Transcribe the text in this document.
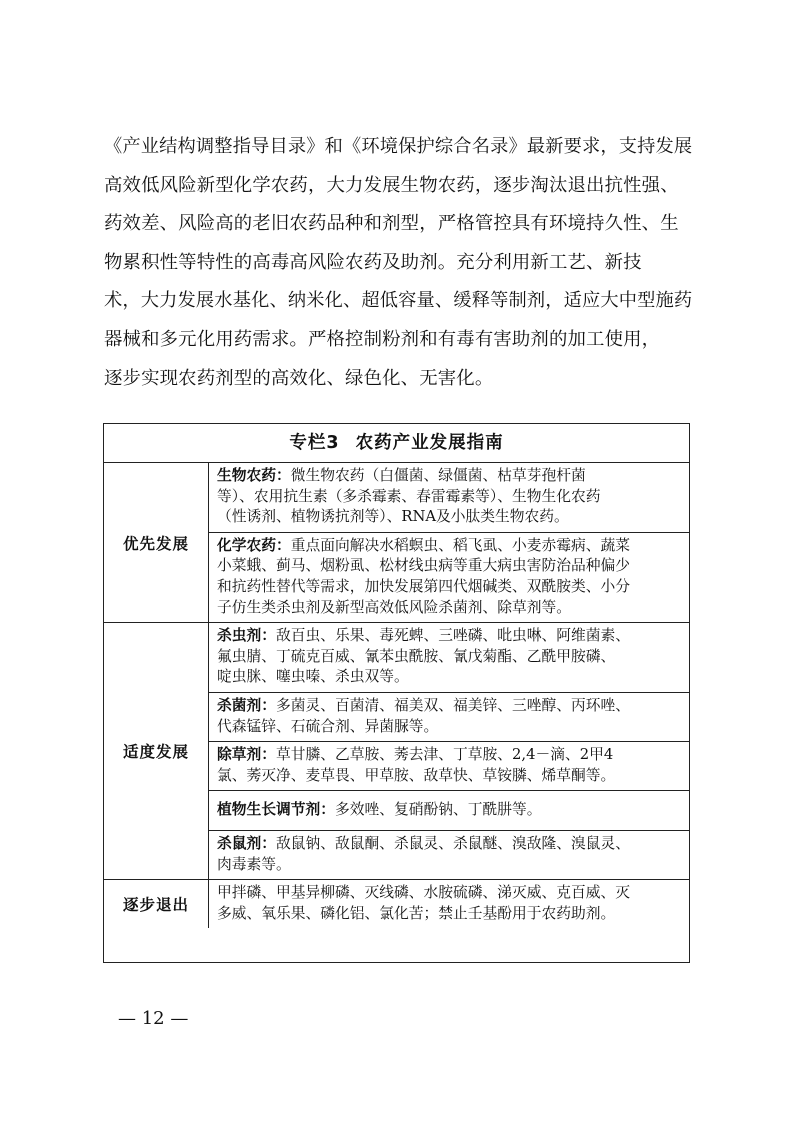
《产业结构调整指导目录》和《环境保护综合名录》最新要求，支持发展
高效低风险新型化学农药，大力发展生物农药，逐步淘汰退出抗性强、
药效差、风险高的老旧农药品种和剂型，严格管控具有环境持久性、生
物累积性等特性的高毒高风险农药及助剂。充分利用新工艺、新技
术，大力发展水基化、纳米化、超低容量、缓释等制剂，适应大中型施药
器械和多元化用药需求。严格控制粉剂和有毒有害助剂的加工使用，
逐步实现农药剂型的高效化、绿色化、无害化。
专栏3 农药产业发展指南
优先发展
生物农药：微生物农药（白僵菌、绿僵菌、枯草芽孢杆菌
等）、农用抗生素（多杀霉素、春雷霉素等）、生物生化农药
（性诱剂、植物诱抗剂等）、RNA及小肽类生物农药。
化学农药：重点面向解决水稻螟虫、稻飞虱、小麦赤霉病、蔬菜
小菜蛾、蓟马、烟粉虱、松材线虫病等重大病虫害防治品种偏少
和抗药性替代等需求，加快发展第四代烟碱类、双酰胺类、小分
子仿生类杀虫剂及新型高效低风险杀菌剂、除草剂等。
适度发展
杀虫剂：敌百虫、乐果、毒死蜱、三唑磷、吡虫啉、阿维菌素、
氟虫腈、丁硫克百威、氰苯虫酰胺、氰戊菊酯、乙酰甲胺磷、
啶虫脒、噻虫嗪、杀虫双等。
杀菌剂：多菌灵、百菌清、福美双、福美锌、三唑醇、丙环唑、
代森锰锌、石硫合剂、异菌脲等。
除草剂：草甘膦、乙草胺、莠去津、丁草胺、2,4－滴、2甲4
氯、莠灭净、麦草畏、甲草胺、敌草快、草铵膦、烯草酮等。
植物生长调节剂：多效唑、复硝酚钠、丁酰肼等。
杀鼠剂：敌鼠钠、敌鼠酮、杀鼠灵、杀鼠醚、溴敌隆、溴鼠灵、
肉毒素等。
逐步退出
甲拌磷、甲基异柳磷、灭线磷、水胺硫磷、涕灭威、克百威、灭
多威、氧乐果、磷化铝、氯化苦；禁止壬基酚用于农药助剂。
— 12 —
